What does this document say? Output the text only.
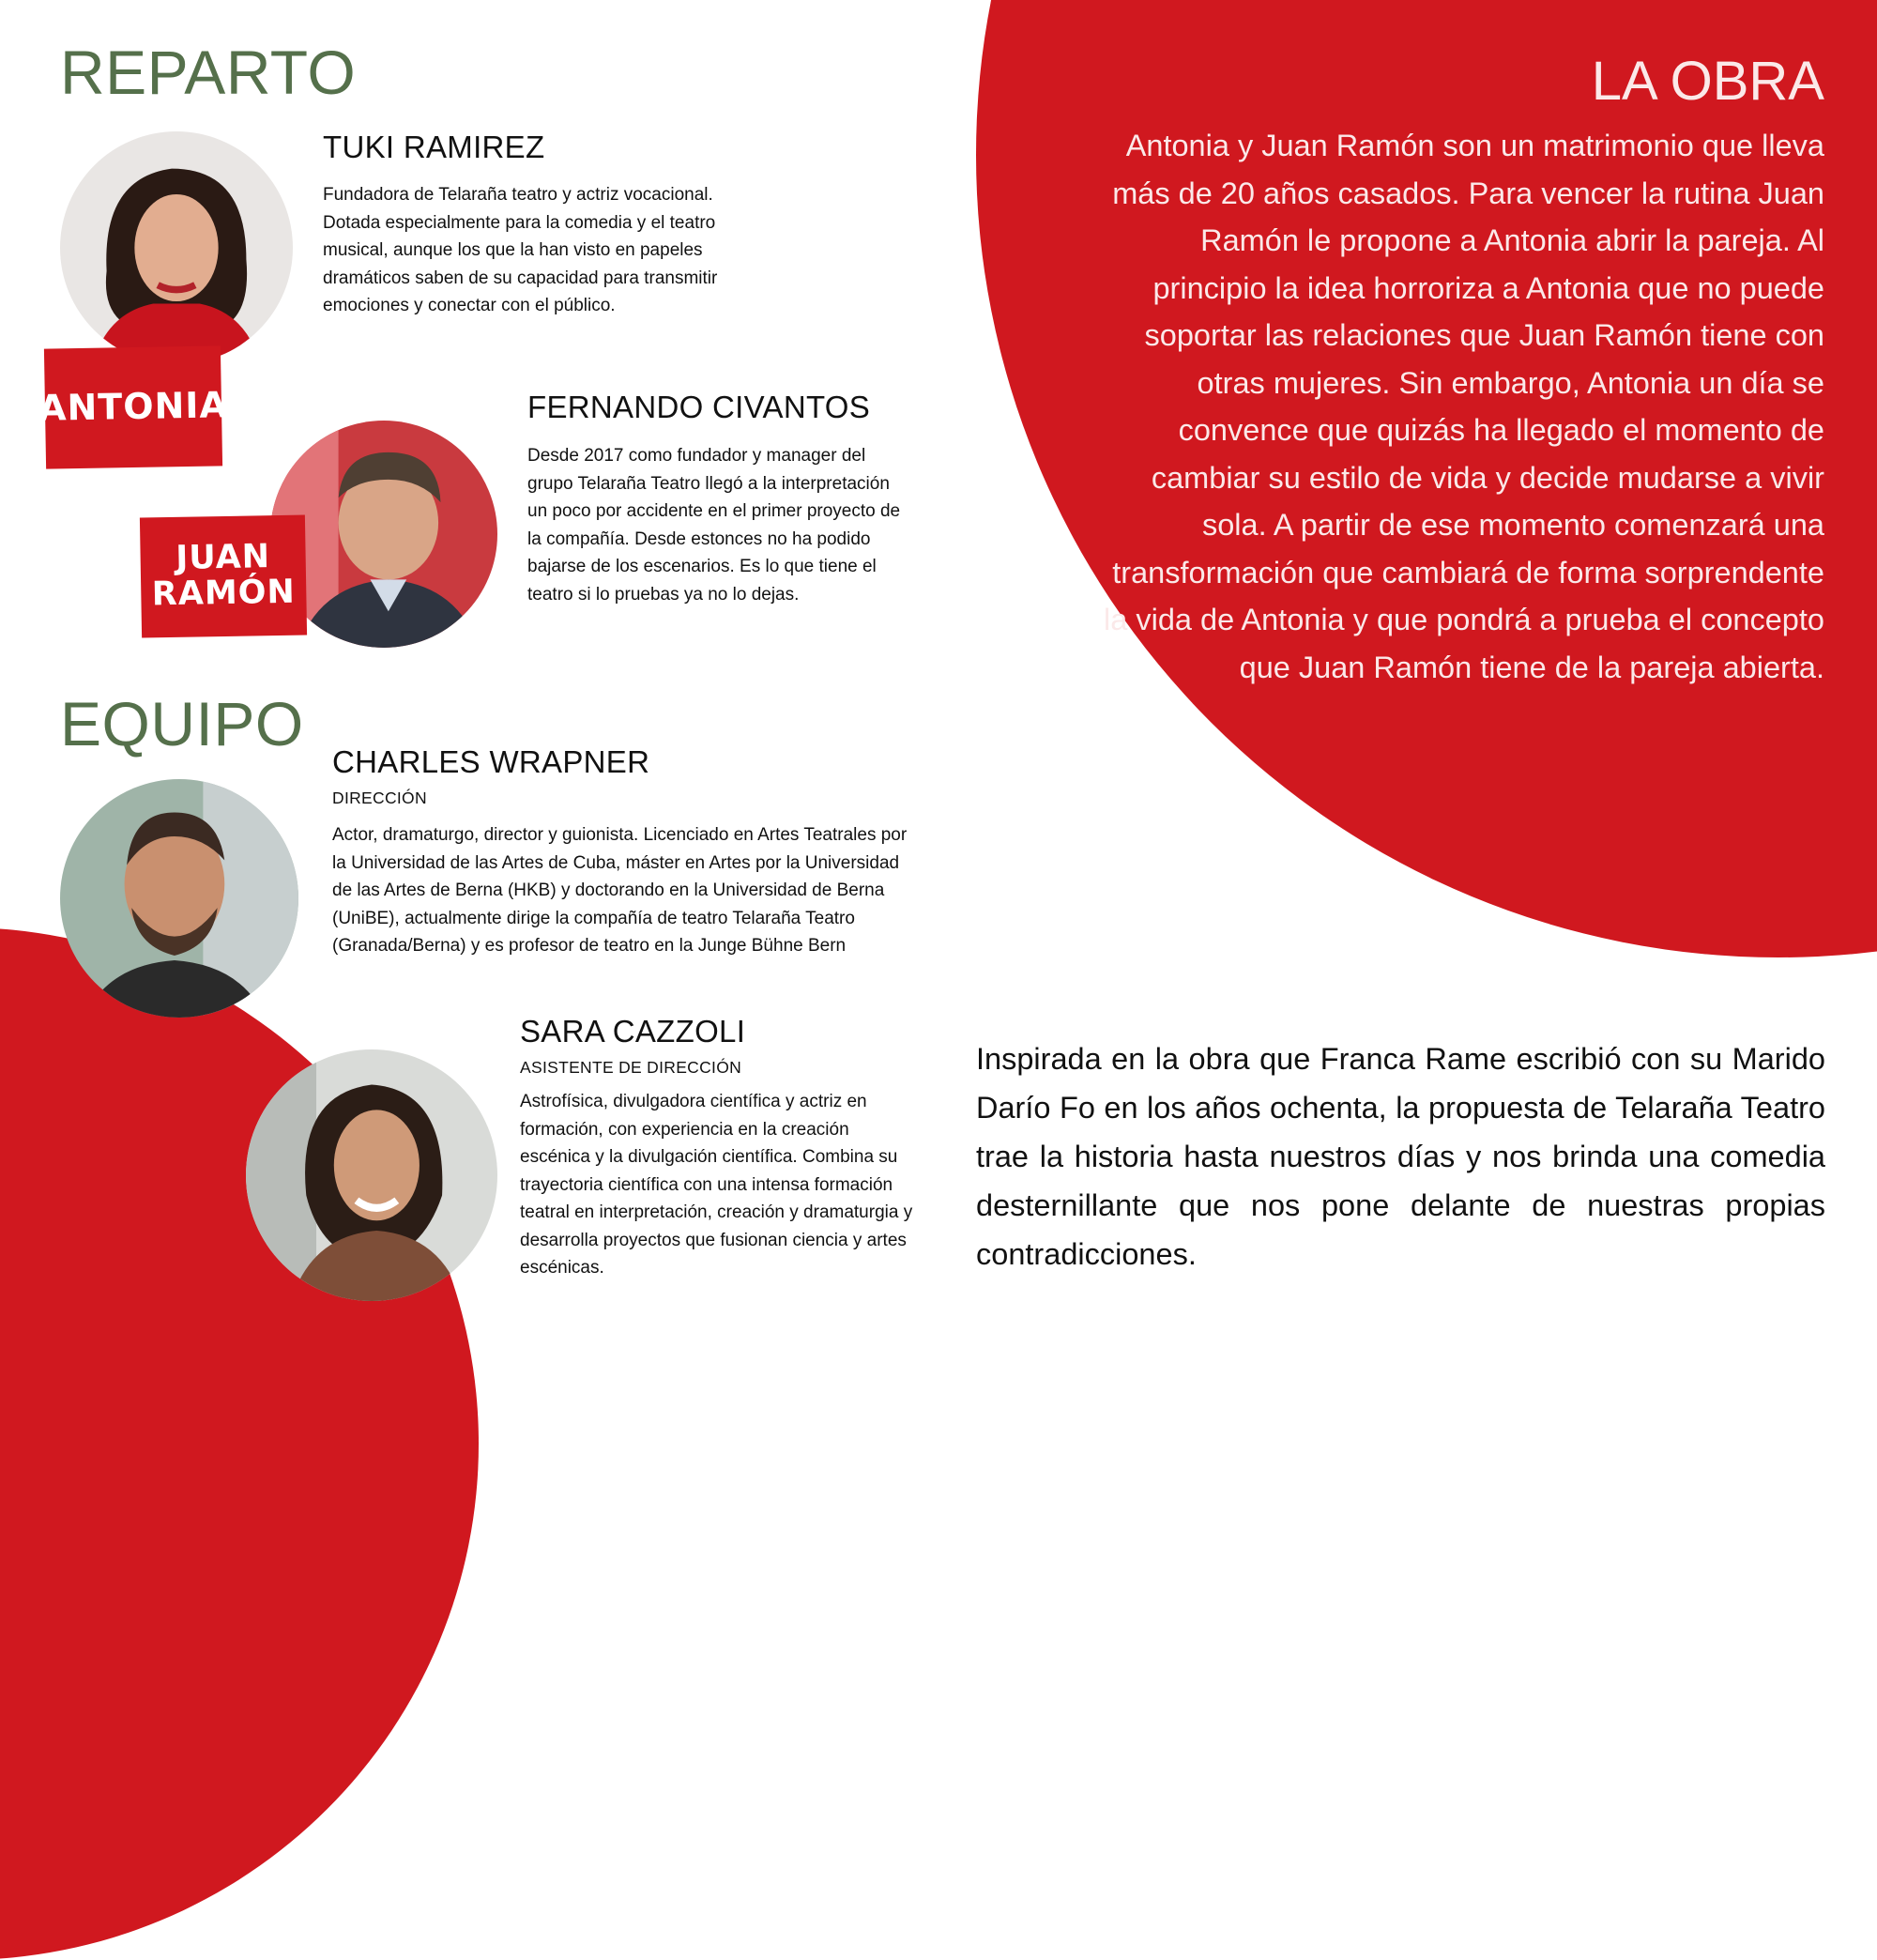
REPARTO
ANTONIA
TUKI RAMIREZ
Fundadora de Telaraña teatro y actriz vocacional. Dotada especialmente para la comedia y el teatro musical, aunque los que la han visto en papeles dramáticos saben de su capacidad para transmitir emociones y conectar con el público.
JUAN
RAMÓN
FERNANDO CIVANTOS
Desde 2017 como fundador y manager del grupo Telaraña Teatro llegó a la interpretación un poco por accidente en el primer proyecto de la compañía. Desde estonces no ha podido bajarse de los escenarios. Es lo que tiene el teatro si lo pruebas ya no lo dejas.
EQUIPO
CHARLES WRAPNER
DIRECCIÓN
Actor, dramaturgo, director y guionista. Licenciado en Artes Teatrales por la Universidad de las Artes de Cuba, máster en Artes por la Universidad de las Artes de Berna (HKB) y doctorando en la Universidad de Berna (UniBE), actualmente dirige la compañía de teatro Telaraña Teatro (Granada/Berna) y es profesor de teatro en la Junge Bühne Bern
SARA CAZZOLI
ASISTENTE DE DIRECCIÓN
Astrofísica, divulgadora científica y actriz en formación, con experiencia en la creación escénica y la divulgación científica. Combina su trayectoria científica con una intensa formación teatral en interpretación, creación y dramaturgia y desarrolla proyectos que fusionan ciencia y artes escénicas.
LA OBRA
Antonia y Juan Ramón son un matrimonio que lleva más de 20 años casados. Para vencer la rutina Juan Ramón le propone a Antonia abrir la pareja. Al principio la idea horroriza a Antonia que no puede soportar las relaciones que Juan Ramón tiene con otras mujeres. Sin embargo, Antonia un día se convence que quizás ha llegado el momento de cambiar su estilo de vida y decide mudarse a vivir sola. A partir de ese momento comenzará una transformación que cambiará de forma sorprendente la vida de Antonia y que pondrá a prueba el concepto que Juan Ramón tiene de la pareja abierta.
Inspirada en la obra que Franca Rame escribió con su Marido Darío Fo en los años ochenta, la propuesta de Telaraña Teatro trae la historia hasta nuestros días y nos brinda una comedia desternillante que nos pone delante de nuestras propias contradicciones.
